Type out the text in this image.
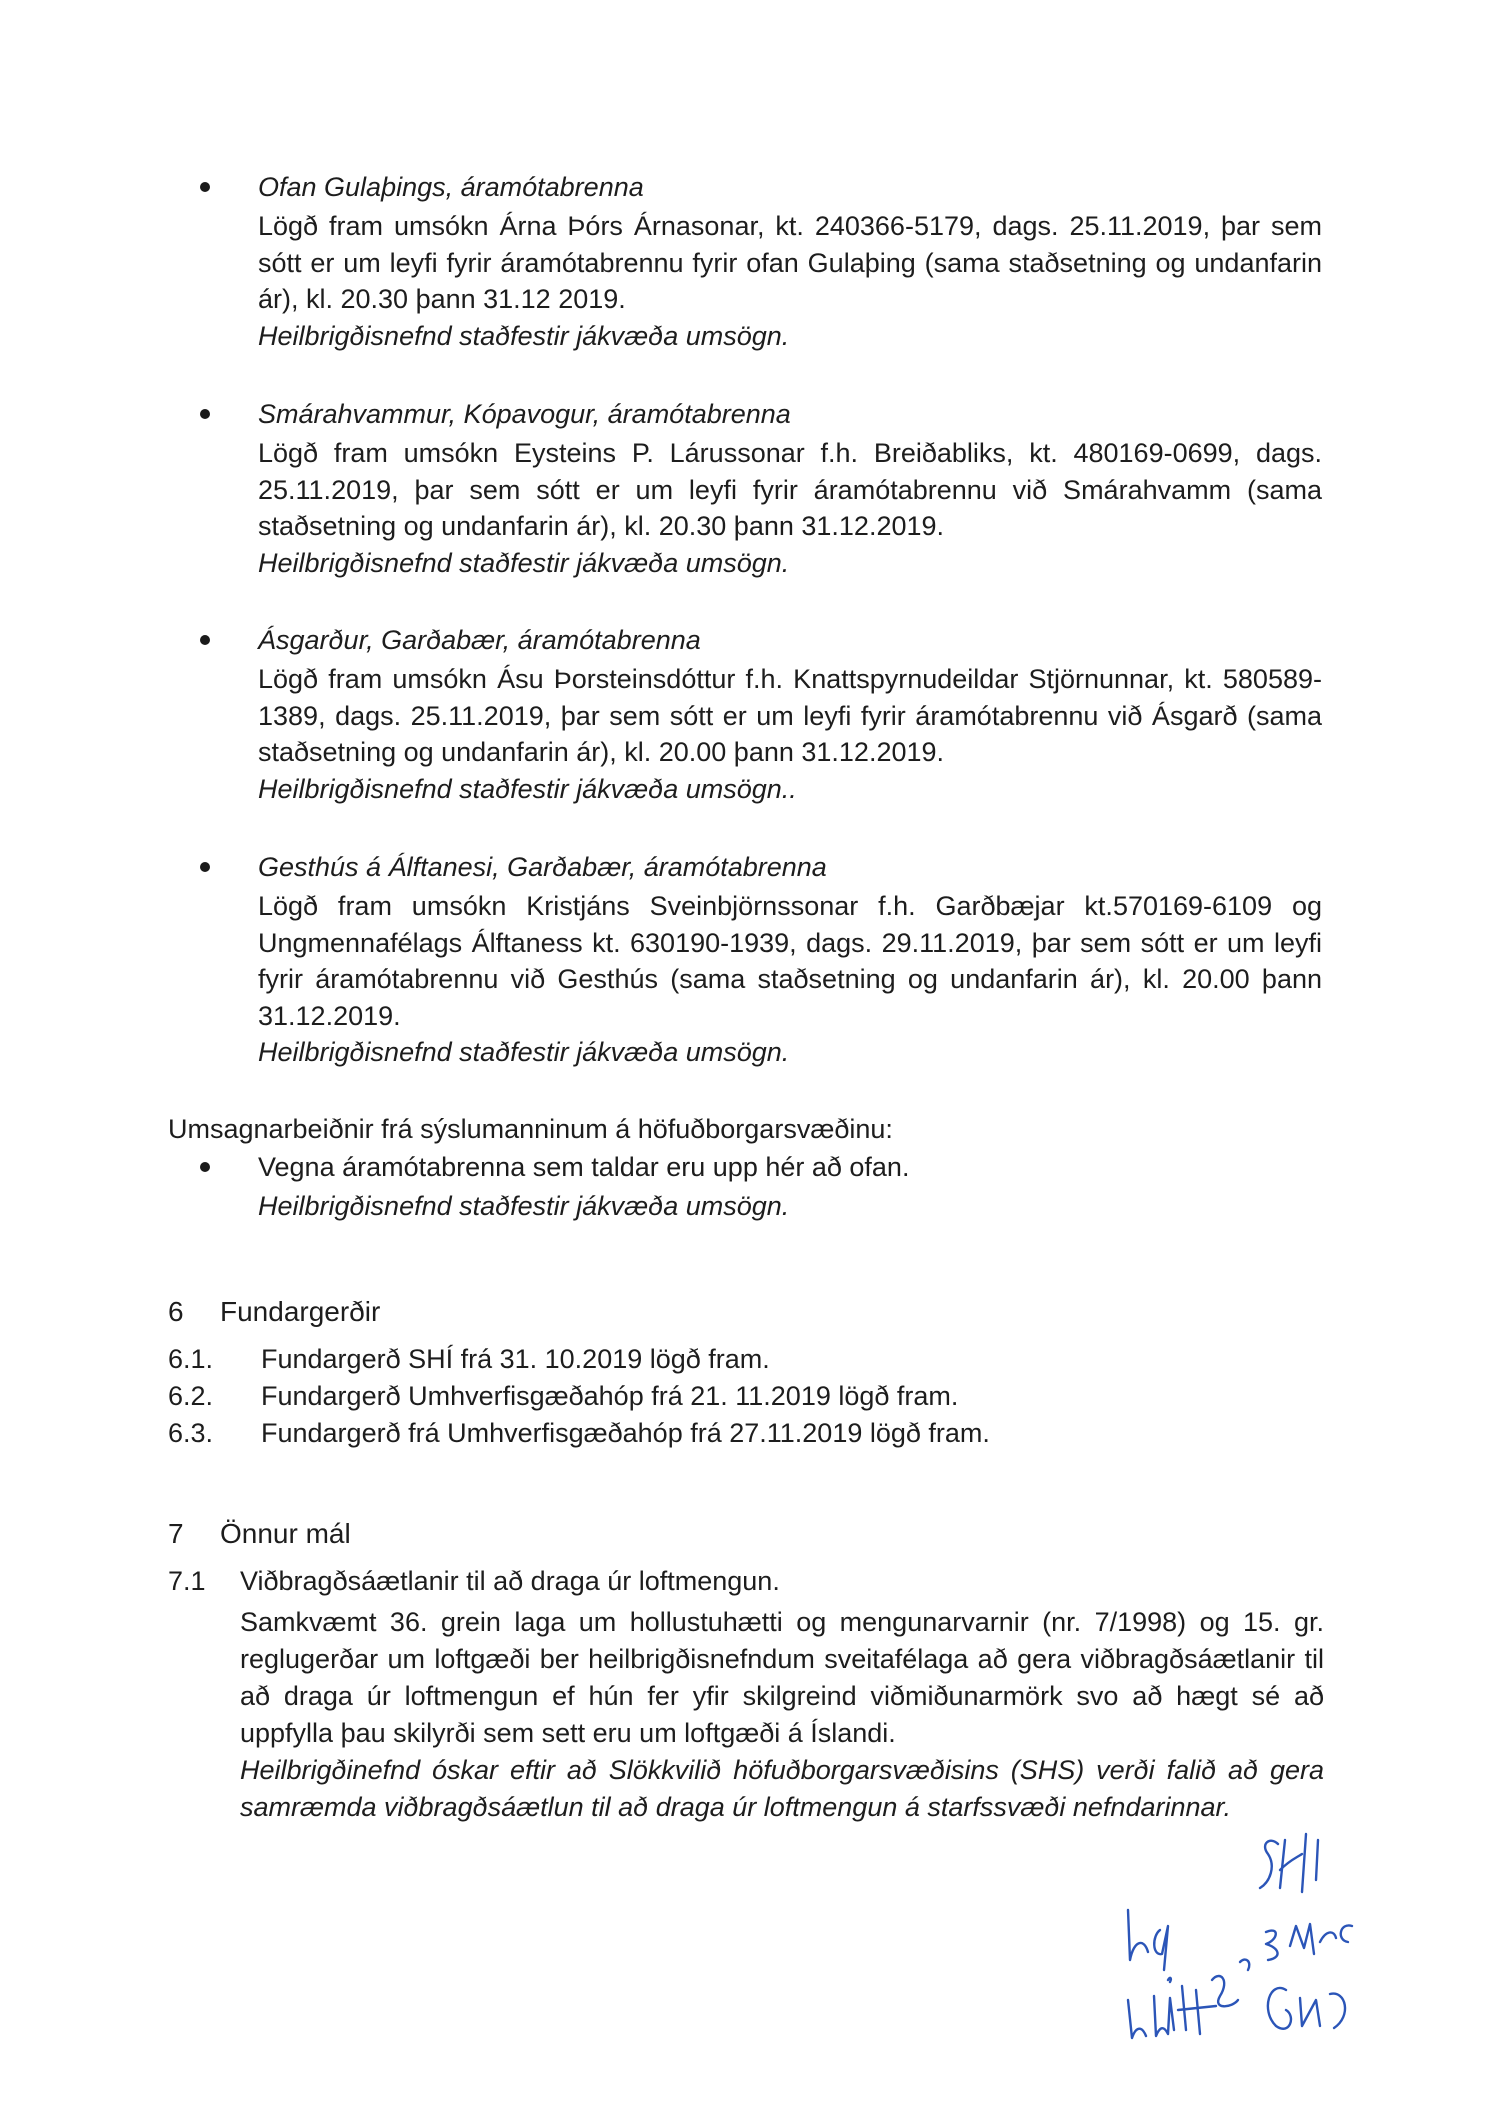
Ofan Gulaþings, áramótabrenna
Lögð fram umsókn Árna Þórs Árnasonar, kt. 240366-5179, dags. 25.11.2019, þar sem sótt er um leyfi fyrir áramótabrennu fyrir ofan Gulaþing (sama staðsetning og undanfarin ár), kl. 20.30 þann 31.12 2019.
Heilbrigðisnefnd staðfestir jákvæða umsögn.
Smárahvammur, Kópavogur, áramótabrenna
Lögð fram umsókn Eysteins P. Lárussonar f.h. Breiðabliks, kt. 480169-0699, dags. 25.11.2019, þar sem sótt er um leyfi fyrir áramótabrennu við Smárahvamm (sama staðsetning og undanfarin ár), kl. 20.30 þann 31.12.2019.
Heilbrigðisnefnd staðfestir jákvæða umsögn.
Ásgarður, Garðabær, áramótabrenna
Lögð fram umsókn Ásu Þorsteinsdóttur f.h. Knattspyrnudeildar Stjörnunnar, kt. 580589-1389, dags. 25.11.2019, þar sem sótt er um leyfi fyrir áramótabrennu við Ásgarð (sama staðsetning og undanfarin ár), kl. 20.00 þann 31.12.2019.
Heilbrigðisnefnd staðfestir jákvæða umsögn..
Gesthús á Álftanesi, Garðabær, áramótabrenna
Lögð fram umsókn Kristjáns Sveinbjörnssonar f.h. Garðbæjar kt.570169-6109 og Ungmennafélags Álftaness kt. 630190-1939, dags. 29.11.2019, þar sem sótt er um leyfi fyrir áramótabrennu við Gesthús (sama staðsetning og undanfarin ár), kl. 20.00 þann 31.12.2019.
Heilbrigðisnefnd staðfestir jákvæða umsögn.
Umsagnarbeiðnir frá sýslumanninum á höfuðborgarsvæðinu:
Vegna áramótabrenna sem taldar eru upp hér að ofan.
Heilbrigðisnefnd staðfestir jákvæða umsögn.
6 Fundargerðir
6.1. Fundargerð SHÍ frá 31. 10.2019 lögð fram.
6.2. Fundargerð Umhverfisgæðahóp frá 21. 11.2019 lögð fram.
6.3. Fundargerð frá Umhverfisgæðahóp frá 27.11.2019 lögð fram.
7 Önnur mál
7.1 Viðbragðsáætlanir til að draga úr loftmengun.
Samkvæmt 36. grein laga um hollustuhætti og mengunarvarnir (nr. 7/1998) og 15. gr. reglugerðar um loftgæði ber heilbrigðisnefndum sveitafélaga að gera viðbragðsáætlanir til að draga úr loftmengun ef hún fer yfir skilgreind viðmiðunarmörk svo að hægt sé að uppfylla þau skilyrði sem sett eru um loftgæði á Íslandi.
Heilbrigðinefnd óskar eftir að Slökkvilið höfuðborgarsvæðisins (SHS) verði falið að gera samræmda viðbragðsáætlun til að draga úr loftmengun á starfssvæði nefndarinnar.
